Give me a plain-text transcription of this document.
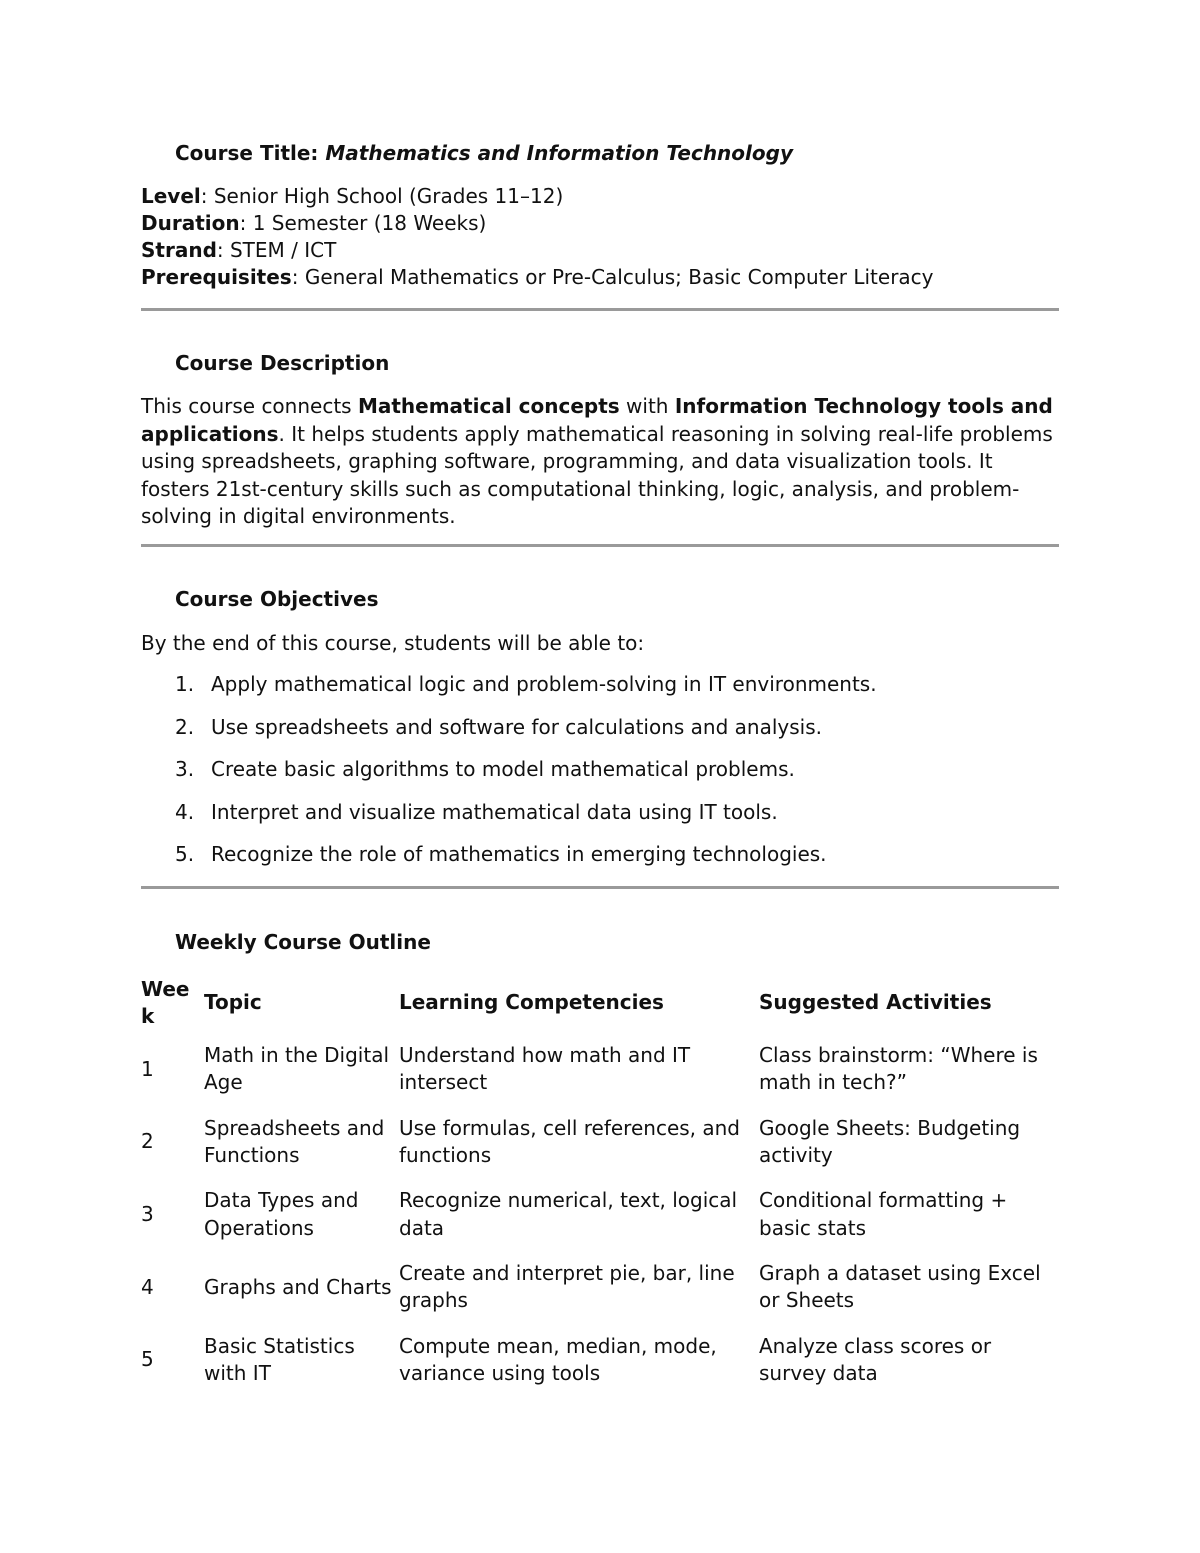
Course Title: Mathematics and Information Technology
Level: Senior High School (Grades 11–12)
Duration: 1 Semester (18 Weeks)
Strand: STEM / ICT
Prerequisites: General Mathematics or Pre-Calculus; Basic Computer Literacy
Course Description
This course connects Mathematical concepts with Information Technology tools and applications. It helps students apply mathematical reasoning in solving real-life problems using spreadsheets, graphing software, programming, and data visualization tools. It fosters 21st-century skills such as computational thinking, logic, analysis, and problem-solving in digital environments.
Course Objectives
By the end of this course, students will be able to:
1. Apply mathematical logic and problem-solving in IT environments.
2. Use spreadsheets and software for calculations and analysis.
3. Create basic algorithms to model mathematical problems.
4. Interpret and visualize mathematical data using IT tools.
5. Recognize the role of mathematics in emerging technologies.
Weekly Course Outline
Wee k	Topic	Learning Competencies	Suggested Activities
1	Math in the Digital Age	Understand how math and IT intersect	Class brainstorm: “Where is math in tech?”
2	Spreadsheets and Functions	Use formulas, cell references, and functions	Google Sheets: Budgeting activity
3	Data Types and Operations	Recognize numerical, text, logical data	Conditional formatting + basic stats
4	Graphs and Charts	Create and interpret pie, bar, line graphs	Graph a dataset using Excel or Sheets
5	Basic Statistics with IT	Compute mean, median, mode, variance using tools	Analyze class scores or survey data
